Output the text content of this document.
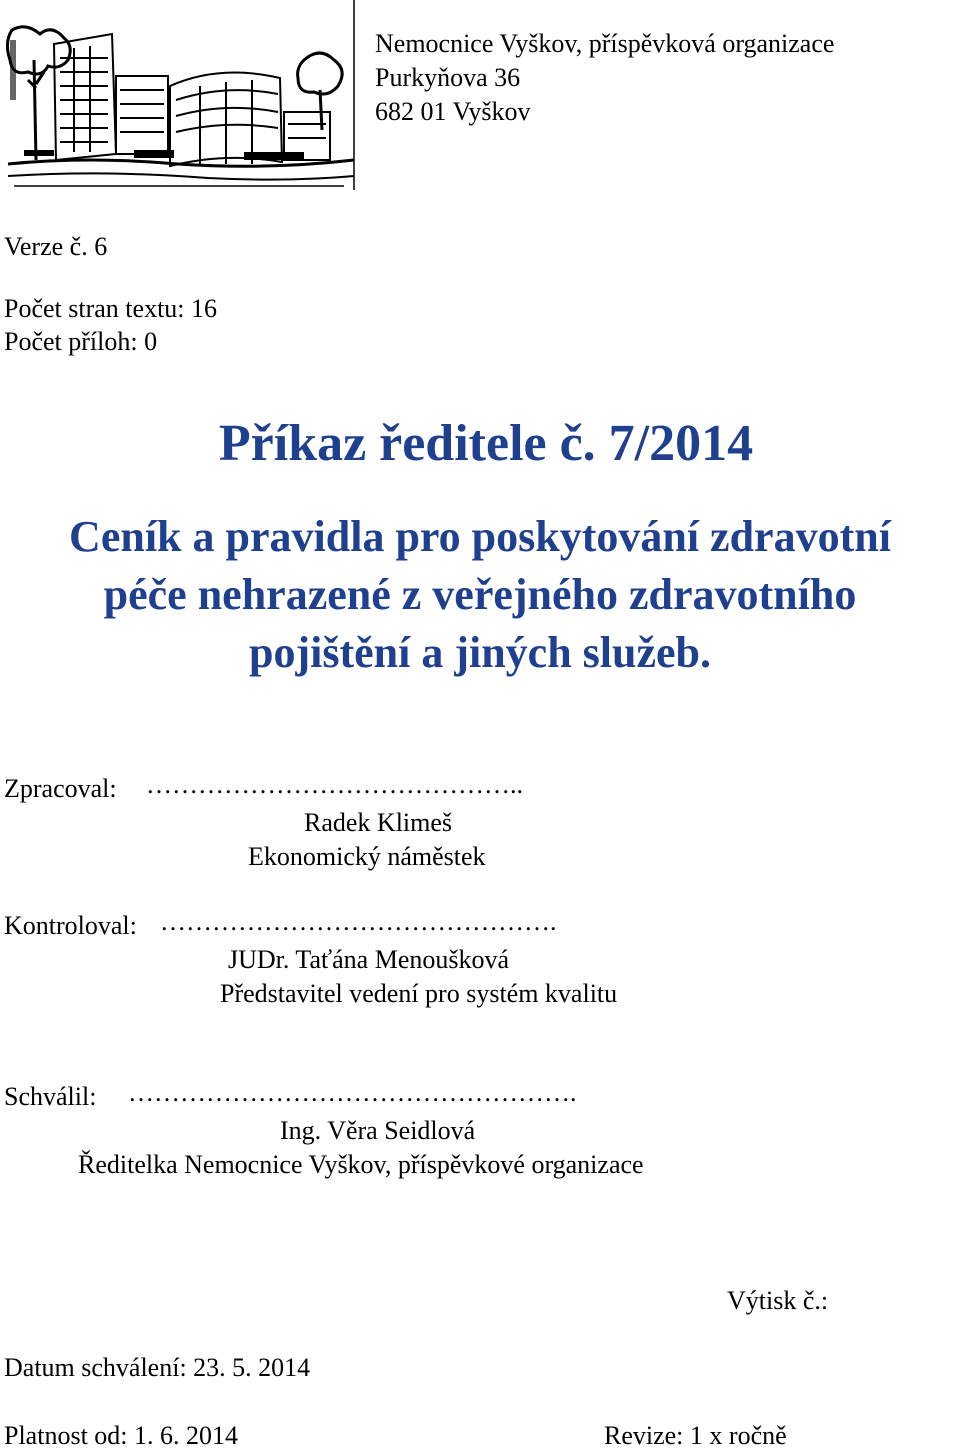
Nemocnice Vyškov, příspěvková organizace
Purkyňova 36
682 01 Vyškov
Verze č. 6
Počet stran textu: 16
Počet příloh: 0
Příkaz ředitele č. 7/2014
Ceník a pravidla pro poskytování zdravotní
péče nehrazené z veřejného zdravotního
pojištění a jiných služeb.
Zpracoval: ……………………………………..
Radek Klimeš
Ekonomický náměstek
Kontroloval: ……………………………………….
JUDr. Taťána Menoušková
Představitel vedení pro systém kvalitu
Schválil: …………………………………………….
Ing. Věra Seidlová
Ředitelka Nemocnice Vyškov, příspěvkové organizace
Výtisk č.:
Datum schválení: 23. 5. 2014
Platnost od: 1. 6. 2014	Revize: 1 x ročně
